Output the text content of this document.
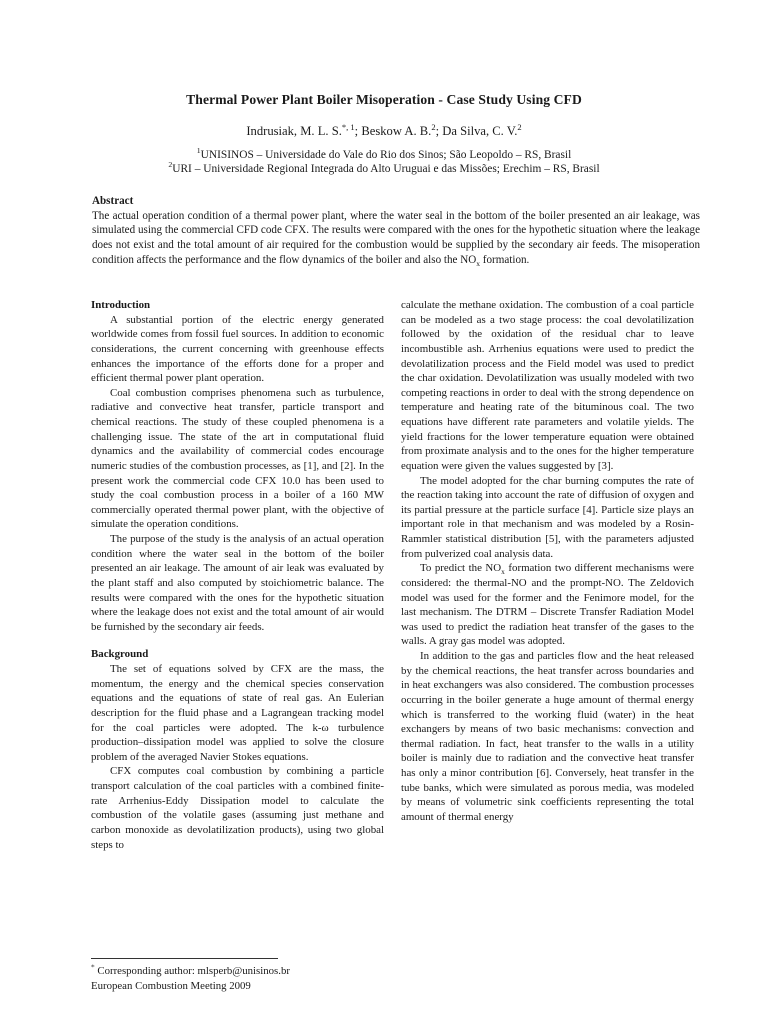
Thermal Power Plant Boiler Misoperation - Case Study Using CFD
Indrusiak, M. L. S.$^{*, 1}$; Beskow A. B.$^2$; Da Silva, C. V.$^2$
$^1$UNISINOS – Universidade do Vale do Rio dos Sinos; São Leopoldo – RS, Brasil
$^2$URI – Universidade Regional Integrada do Alto Uruguai e das Missões; Erechim – RS, Brasil
Abstract

The actual operation condition of a thermal power plant, where the water seal in the bottom of the boiler presented an air leakage, was simulated using the commercial CFD code CFX. The results were compared with the ones for the hypothetic situation where the leakage does not exist and the total amount of air required for the combustion would be supplied by the secondary air feeds. The misoperation condition affects the performance and the flow dynamics of the boiler and also the $NO_x$ formation.

Introduction

A substantial portion of the electric energy generated worldwide comes from fossil fuel sources. In addition to economic considerations, the current concerning with greenhouse effects enhances the importance of the efforts done for a proper and efficient thermal power plant operation.

Coal combustion comprises phenomena such as turbulence, radiative and convective heat transfer, particle transport and chemical reactions. The study of these coupled phenomena is a challenging issue. The state of the art in computational fluid dynamics and the availability of commercial codes encourage numeric studies of the combustion processes, as [1], and [2]. In the present work the commercial code CFX 10.0 has been used to study the coal combustion process in a boiler of a 160 MW commercially operated thermal power plant, with the objective of simulate the operation conditions.

The purpose of the study is the analysis of an actual operation condition where the water seal in the bottom of the boiler presented an air leakage. The amount of air leak was evaluated by the plant staff and also computed by stoichiometric balance. The results were compared with the ones for the hypothetic situation where the leakage does not exist and the total amount of air would be furnished by the secondary air feeds.

Background

The set of equations solved by CFX are the mass, the momentum, the energy and the chemical species conservation equations and the equations of state of real gas. An Eulerian description for the fluid phase and a Lagrangean tracking model for the coal particles were adopted. The k-ω turbulence production–dissipation model was applied to solve the closure problem of the averaged Navier Stokes equations.

CFX computes coal combustion by combining a particle transport calculation of the coal particles with a combined finite-rate Arrhenius-Eddy Dissipation model to calculate the combustion of the volatile gases (assuming just methane and carbon monoxide as devolatilization products), using two global steps to

calculate the methane oxidation. The combustion of a coal particle can be modeled as a two stage process: the coal devolatilization followed by the oxidation of the residual char to leave incombustible ash. Arrhenius equations were used to predict the devolatilization process and the Field model was used to predict the char oxidation. Devolatilization was usually modeled with two competing reactions in order to deal with the strong dependence on temperature and heating rate of the bituminous coal. The two equations have different rate parameters and volatile yields. The yield fractions for the lower temperature equation were obtained from proximate analysis and to the ones for the higher temperature equation were given the values suggested by [3].

The model adopted for the char burning computes the rate of the reaction taking into account the rate of diffusion of oxygen and its partial pressure at the particle surface [4]. Particle size plays an important role in that mechanism and was modeled by a Rosin-Rammler statistical distribution [5], with the parameters adjusted from pulverized coal analysis data.

To predict the $NO_x$ formation two different mechanisms were considered: the thermal-NO and the prompt-NO. The Zeldovich model was used for the former and the Fenimore model, for the last mechanism. The DTRM – Discrete Transfer Radiation Model was used to predict the radiation heat transfer of the gases to the walls. A gray gas model was adopted.

In addition to the gas and particles flow and the heat released by the chemical reactions, the heat transfer across boundaries and in heat exchangers was also considered. The combustion processes occurring in the boiler generate a huge amount of thermal energy which is transferred to the working fluid (water) in the heat exchangers by means of two basic mechanisms: convection and thermal radiation. In fact, heat transfer to the walls in a utility boiler is mainly due to radiation and the convective heat transfer has only a minor contribution [6]. Conversely, heat transfer in the tube banks, which were simulated as porous media, was modeled by means of volumetric sink coefficients representing the total amount of thermal energy

* Corresponding author: mlsperb@unisinos.br
European Combustion Meeting 2009
